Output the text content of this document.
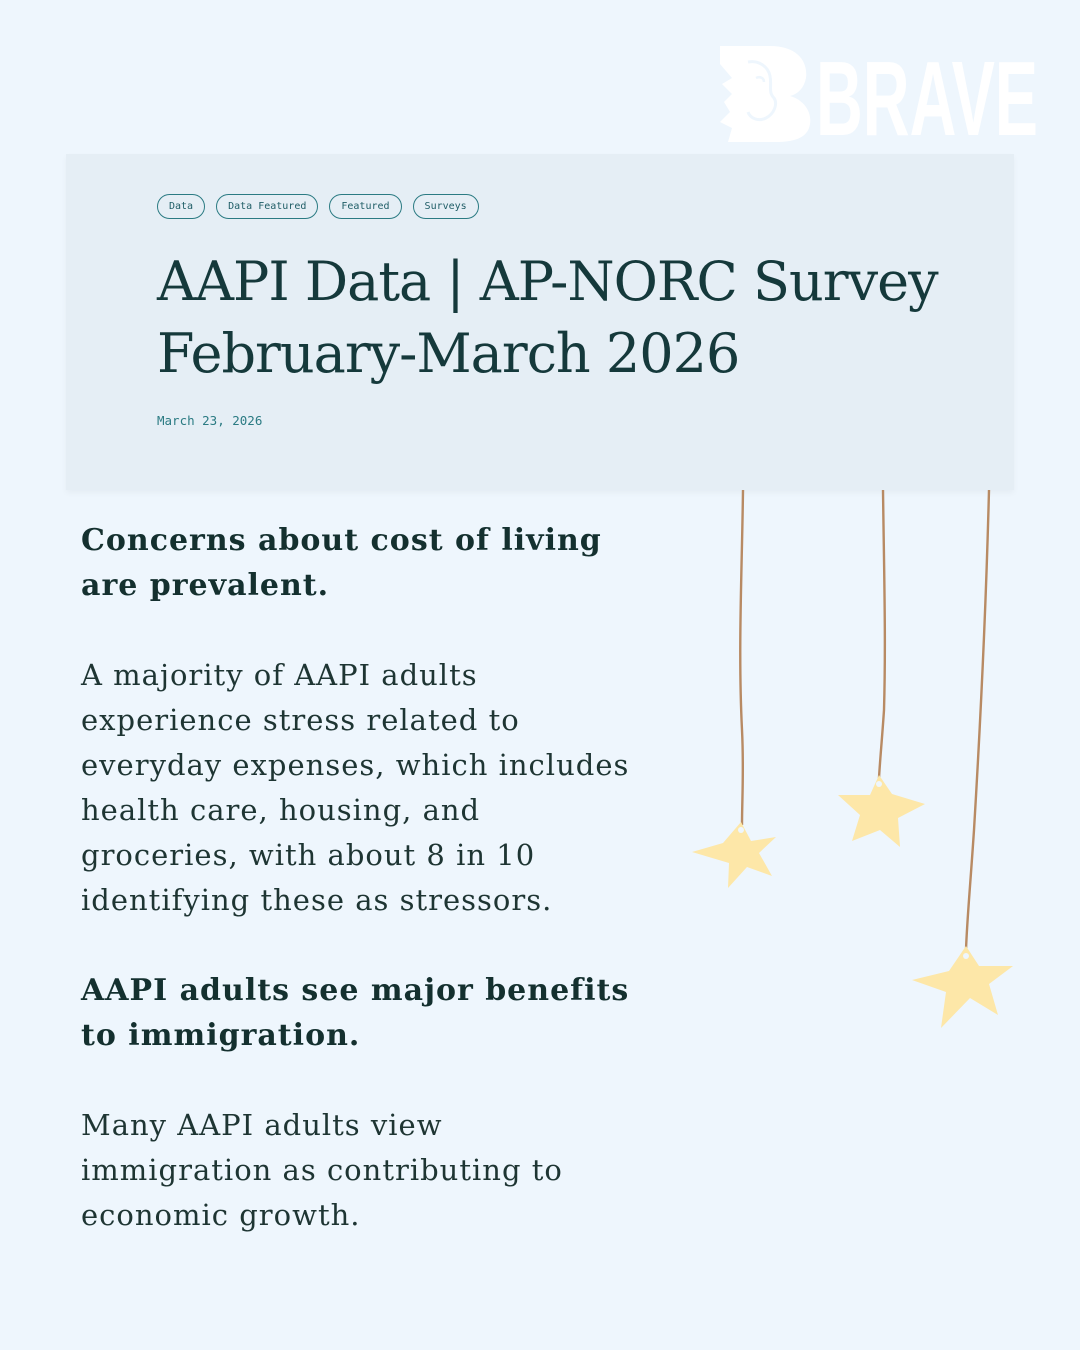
BRAVE
Data	Data Featured	Featured	Surveys
AAPI Data | AP-NORC Survey
February-March 2026
March 23, 2026
Concerns about cost of living
are prevalent.

A majority of AAPI adults
experience stress related to
everyday expenses, which includes
health care, housing, and
groceries, with about 8 in 10
identifying these as stressors.

AAPI adults see major benefits
to immigration.

Many AAPI adults view
immigration as contributing to
economic growth.
